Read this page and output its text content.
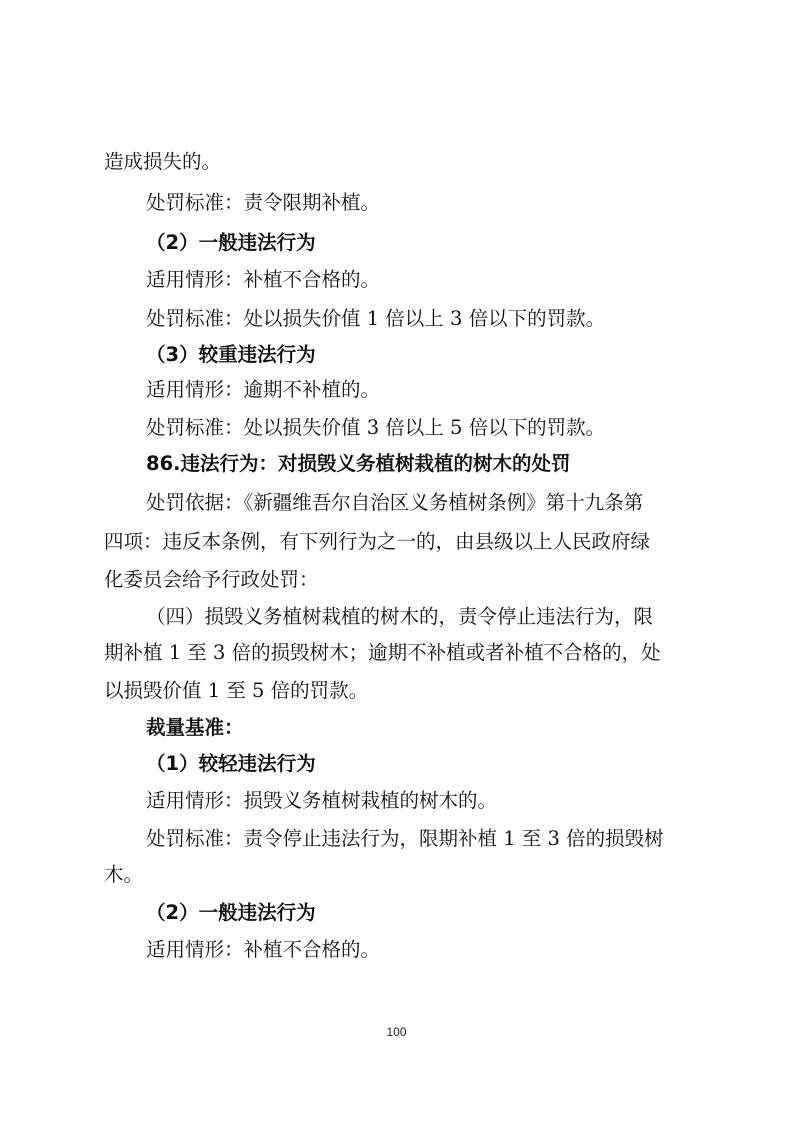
造成损失的。
处罚标准：责令限期补植。
（2）一般违法行为
适用情形：补植不合格的。
处罚标准：处以损失价值 1 倍以上 3 倍以下的罚款。
（3）较重违法行为
适用情形：逾期不补植的。
处罚标准：处以损失价值 3 倍以上 5 倍以下的罚款。
86.违法行为：对损毁义务植树栽植的树木的处罚
处罚依据：《新疆维吾尔自治区义务植树条例》第十九条第
四项：违反本条例，有下列行为之一的，由县级以上人民政府绿
化委员会给予行政处罚：
（四）损毁义务植树栽植的树木的，责令停止违法行为，限
期补植 1 至 3 倍的损毁树木；逾期不补植或者补植不合格的，处
以损毁价值 1 至 5 倍的罚款。
裁量基准：
（1）较轻违法行为
适用情形：损毁义务植树栽植的树木的。
处罚标准：责令停止违法行为，限期补植 1 至 3 倍的损毁树
木。
（2）一般违法行为
适用情形：补植不合格的。
100
